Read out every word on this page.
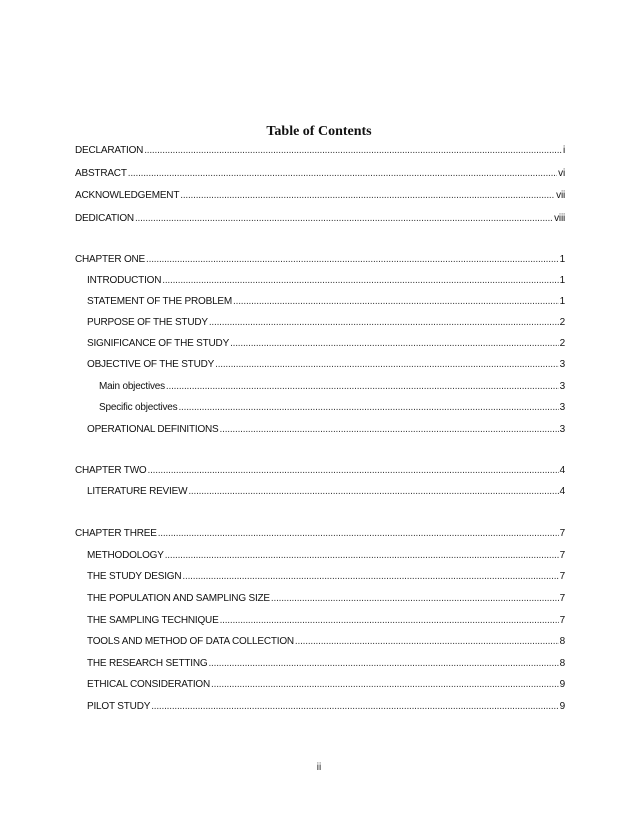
Table of Contents
DECLARATION .....	i
ABSTRACT .....	vi
ACKNOWLEDGEMENT .....	vii
DEDICATION .....	viii
CHAPTER ONE .....	1
INTRODUCTION .....	1
STATEMENT OF THE PROBLEM .....	1
PURPOSE OF THE STUDY .....	2
SIGNIFICANCE OF THE STUDY .....	2
OBJECTIVE OF THE STUDY .....	3
Main objectives .....	3
Specific objectives .....	3
OPERATIONAL DEFINITIONS .....	3
CHAPTER TWO .....	4
LITERATURE REVIEW .....	4
CHAPTER THREE .....	7
METHODOLOGY .....	7
THE STUDY DESIGN .....	7
THE POPULATION AND SAMPLING SIZE .....	7
THE SAMPLING TECHNIQUE .....	7
TOOLS AND METHOD OF DATA COLLECTION .....	8
THE RESEARCH SETTING .....	8
ETHICAL CONSIDERATION .....	9
PILOT STUDY .....	9
ii
